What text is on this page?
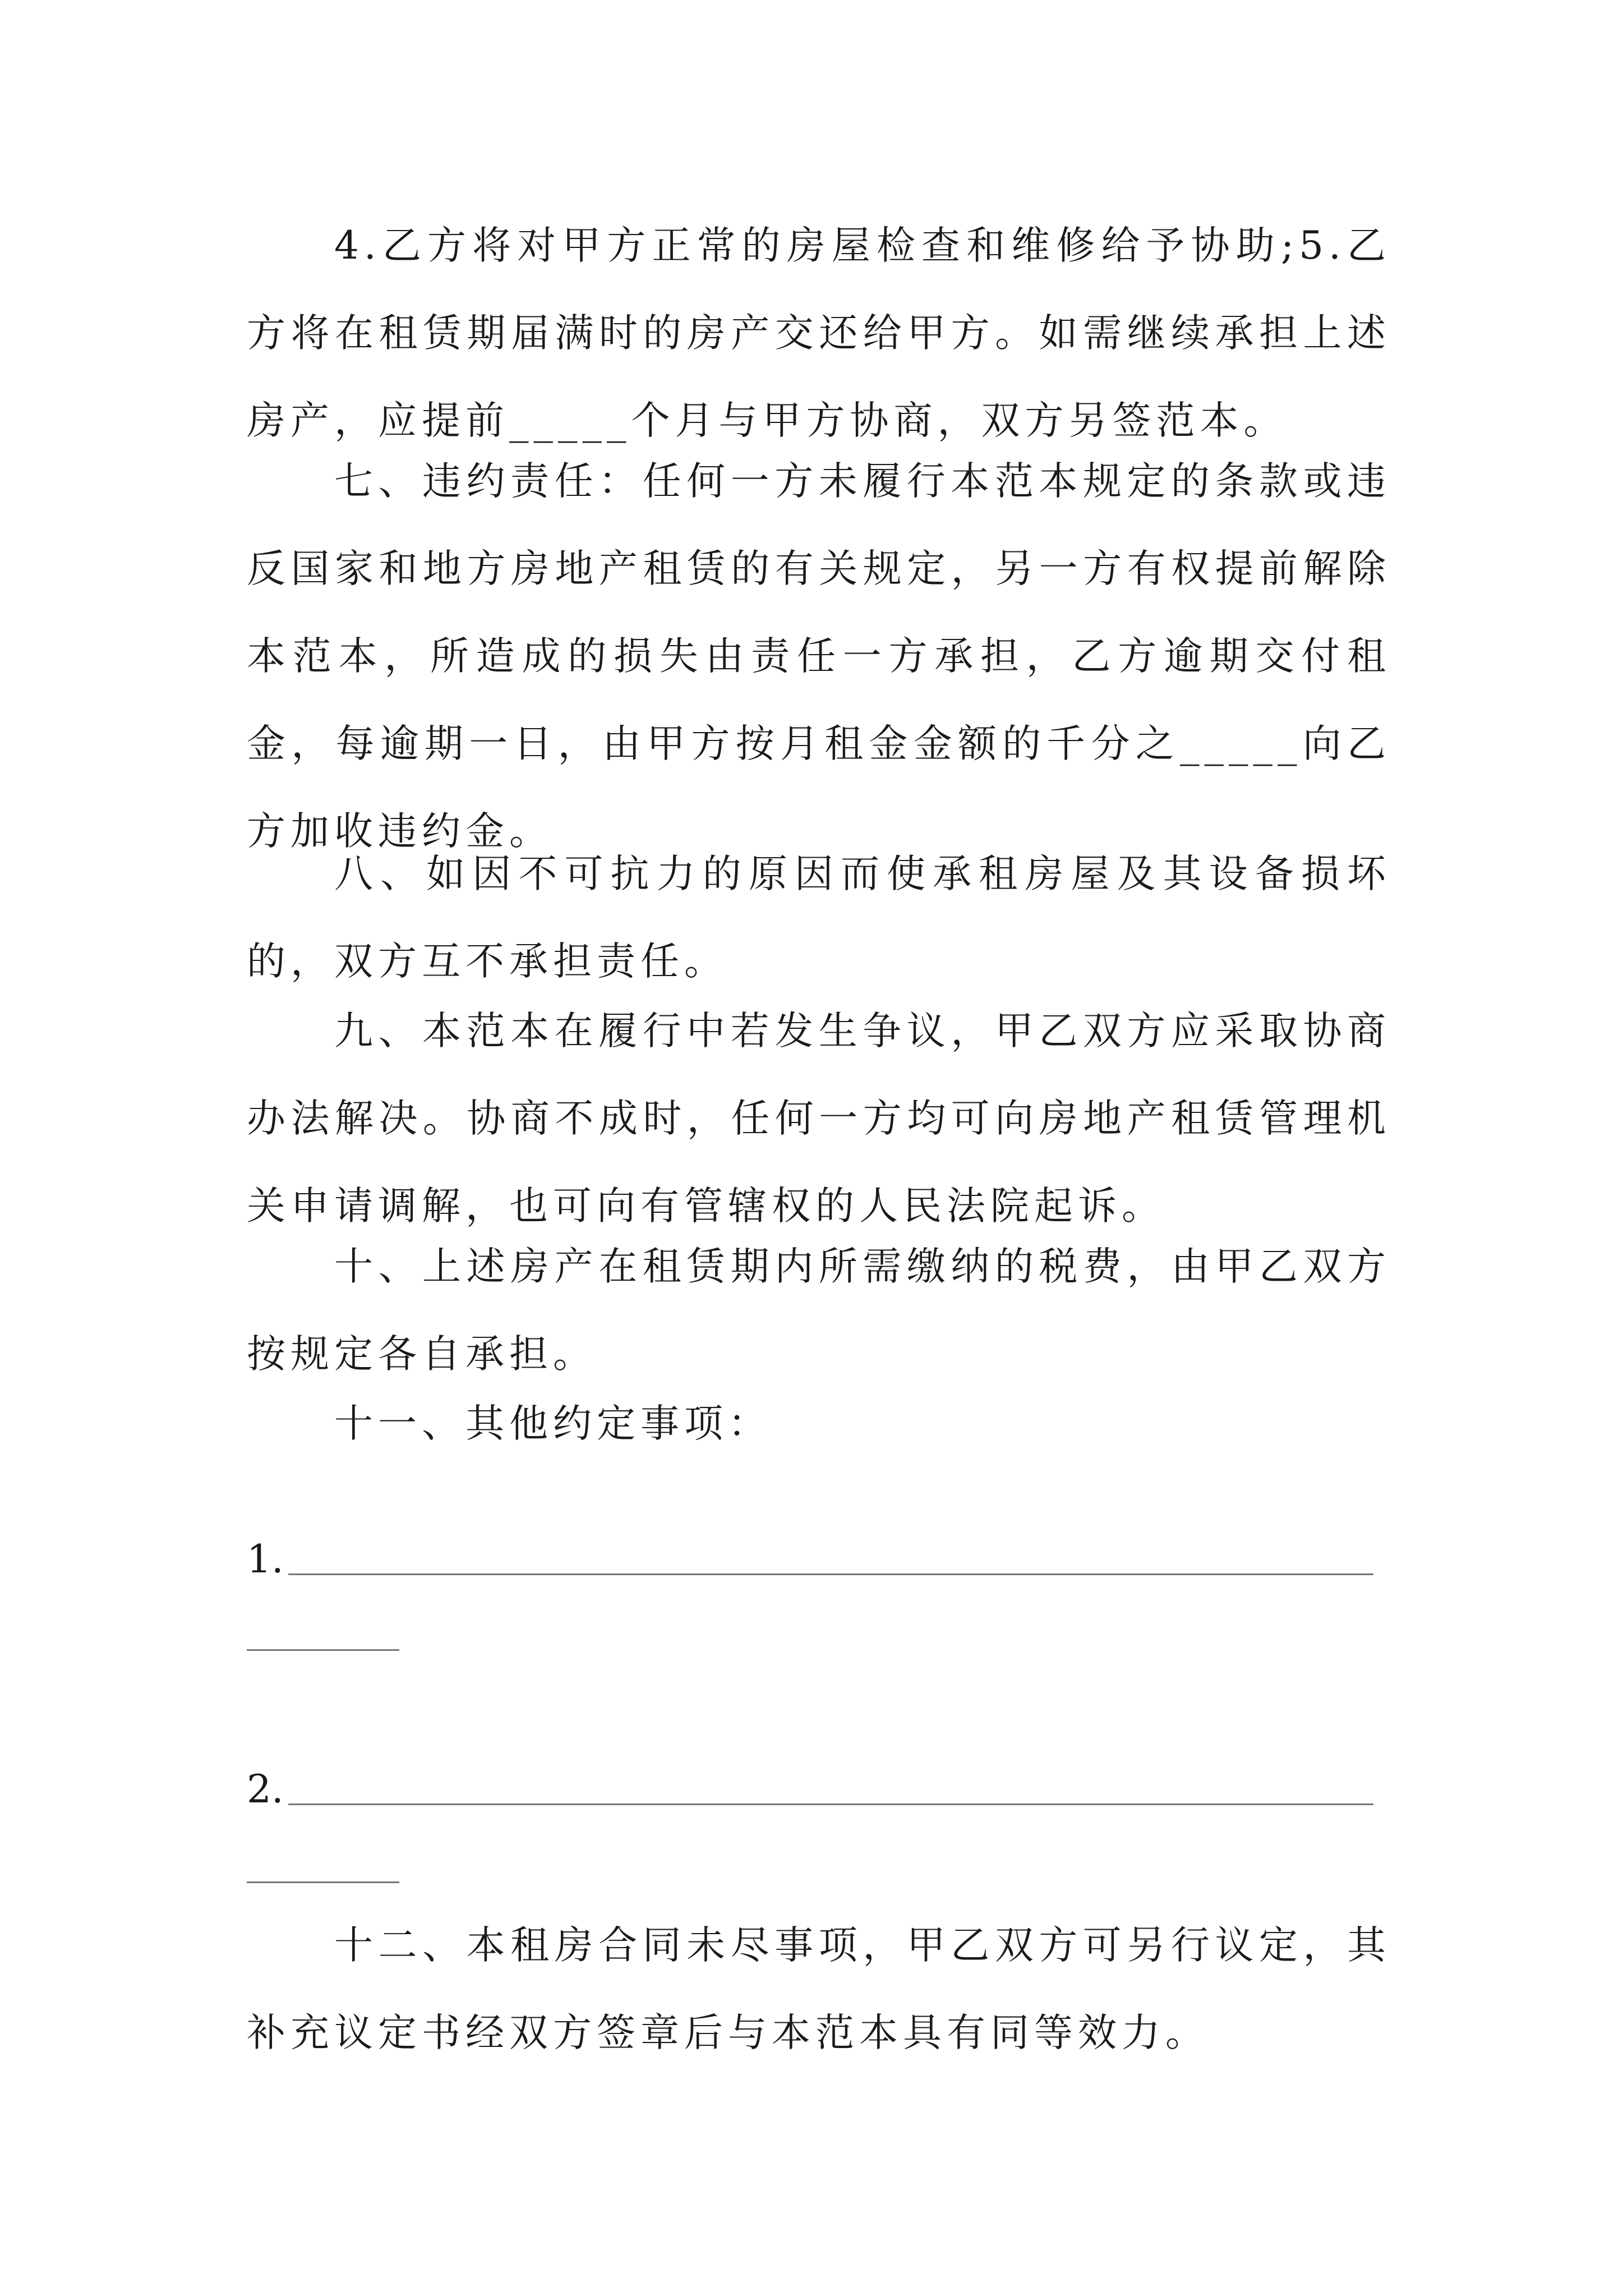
4.乙方将对甲方正常的房屋检查和维修给予协助;5.乙方将在租赁期届满时的房产交还给甲方。如需继续承担上述房产，应提前_____个月与甲方协商，双方另签范本。

七、违约责任：任何一方未履行本范本规定的条款或违反国家和地方房地产租赁的有关规定，另一方有权提前解除本范本，所造成的损失由责任一方承担，乙方逾期交付租金，每逾期一日，由甲方按月租金金额的千分之_____向乙方加收违约金。

八、如因不可抗力的原因而使承租房屋及其设备损坏的，双方互不承担责任。

九、本范本在履行中若发生争议，甲乙双方应采取协商办法解决。协商不成时，任何一方均可向房地产租赁管理机关申请调解，也可向有管辖权的人民法院起诉。

十、上述房产在租赁期内所需缴纳的税费，由甲乙双方按规定各自承担。

十一、其他约定事项：

1.
2.

十二、本租房合同未尽事项，甲乙双方可另行议定，其补充议定书经双方签章后与本范本具有同等效力。
